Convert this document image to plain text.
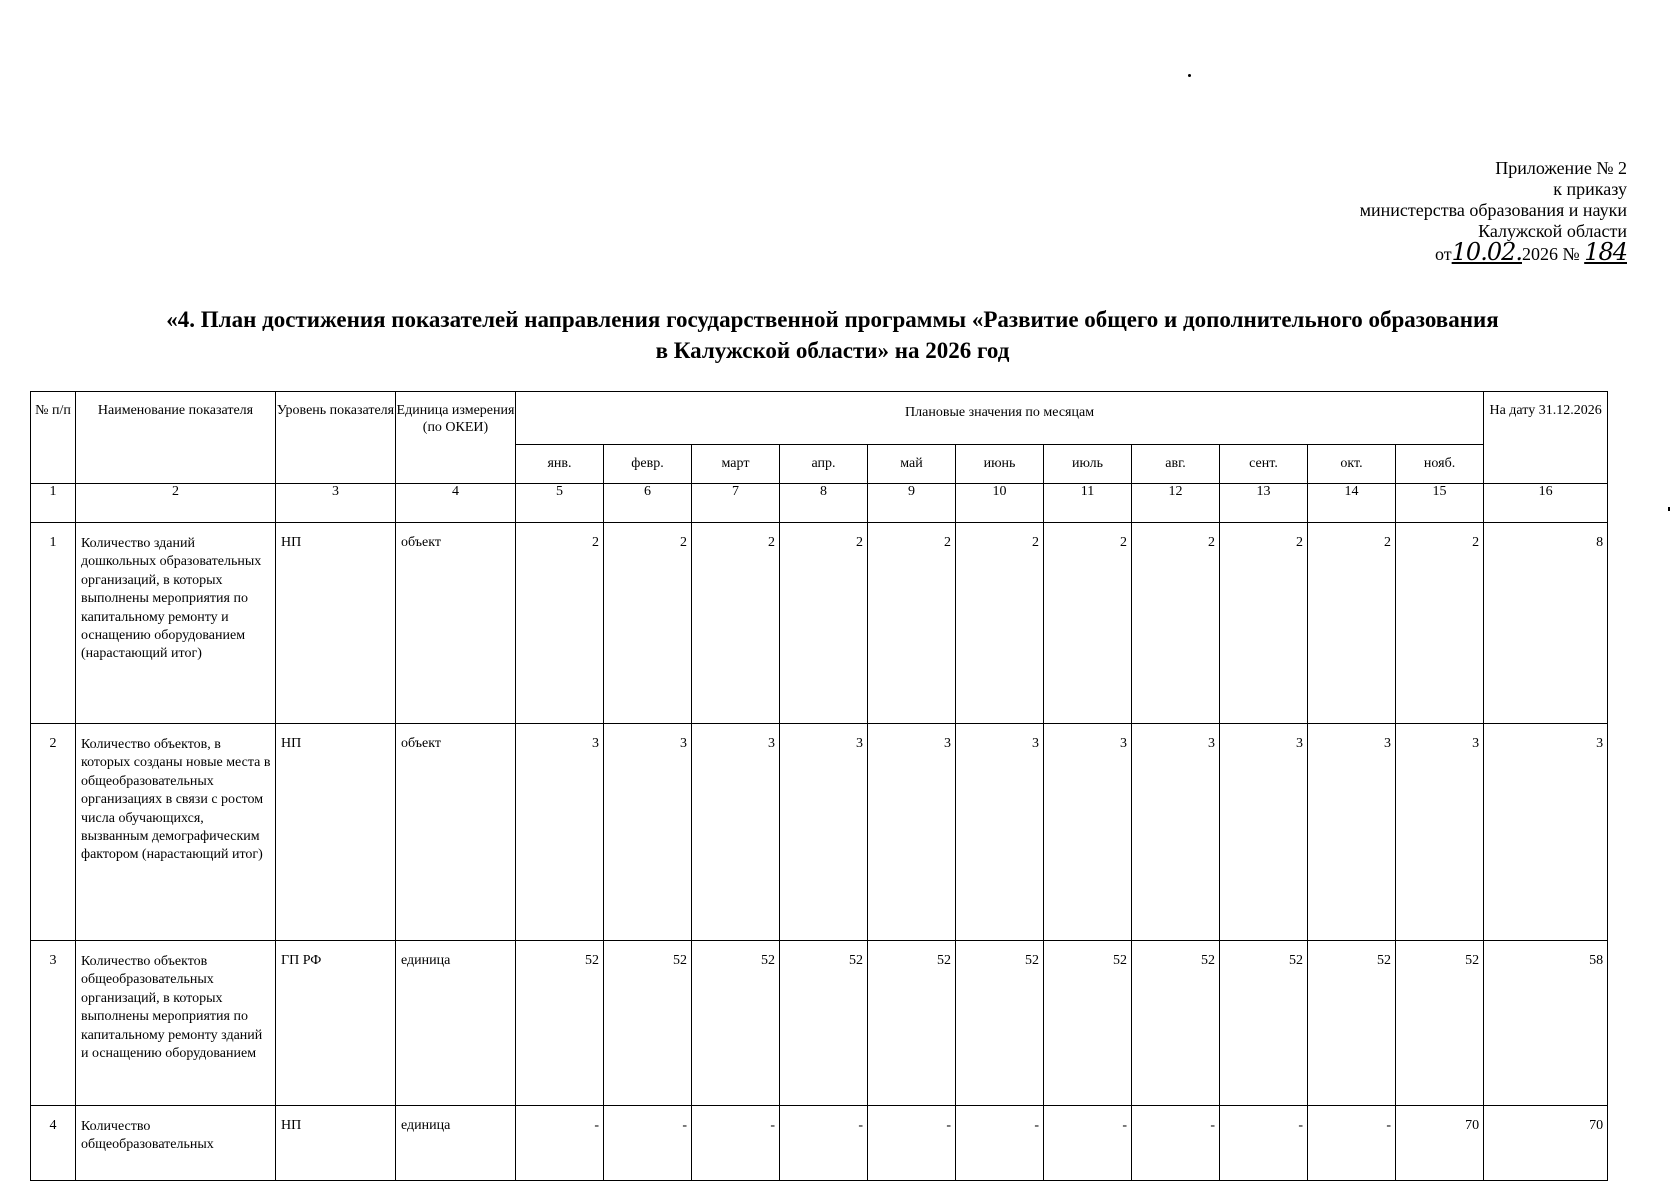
Приложение № 2
к приказу
министерства образования и науки
Калужской области
от10.02.2026 № 184
«4. План достижения показателей направления государственной программы «Развитие общего и дополнительного образования
в Калужской области» на 2026 год
№ п/п	Наименование показателя	Уровень показателя	Единица измерения (по ОКЕИ)	Плановые значения по месяцам											На дату 31.12.2026
				янв.	февр.	март	апр.	май	июнь	июль	авг.	сент.	окт.	нояб.	
1	2	3	4	5	6	7	8	9	10	11	12	13	14	15	16
1	Количество зданий дошкольных образовательных организаций, в которых выполнены мероприятия по капитальному ремонту и оснащению оборудованием (нарастающий итог)	НП	объект	2	2	2	2	2	2	2	2	2	2	2	8
2	Количество объектов, в которых созданы новые места в общеобразовательных организациях в связи с ростом числа обучающихся, вызванным демографическим фактором (нарастающий итог)	НП	объект	3	3	3	3	3	3	3	3	3	3	3	3
3	Количество объектов общеобразовательных организаций, в которых выполнены мероприятия по капитальному ремонту зданий и оснащению оборудованием	ГП РФ	единица	52	52	52	52	52	52	52	52	52	52	52	58
4	Количество общеобразовательных	НП	единица	-	-	-	-	-	-	-	-	-	-	70	70
